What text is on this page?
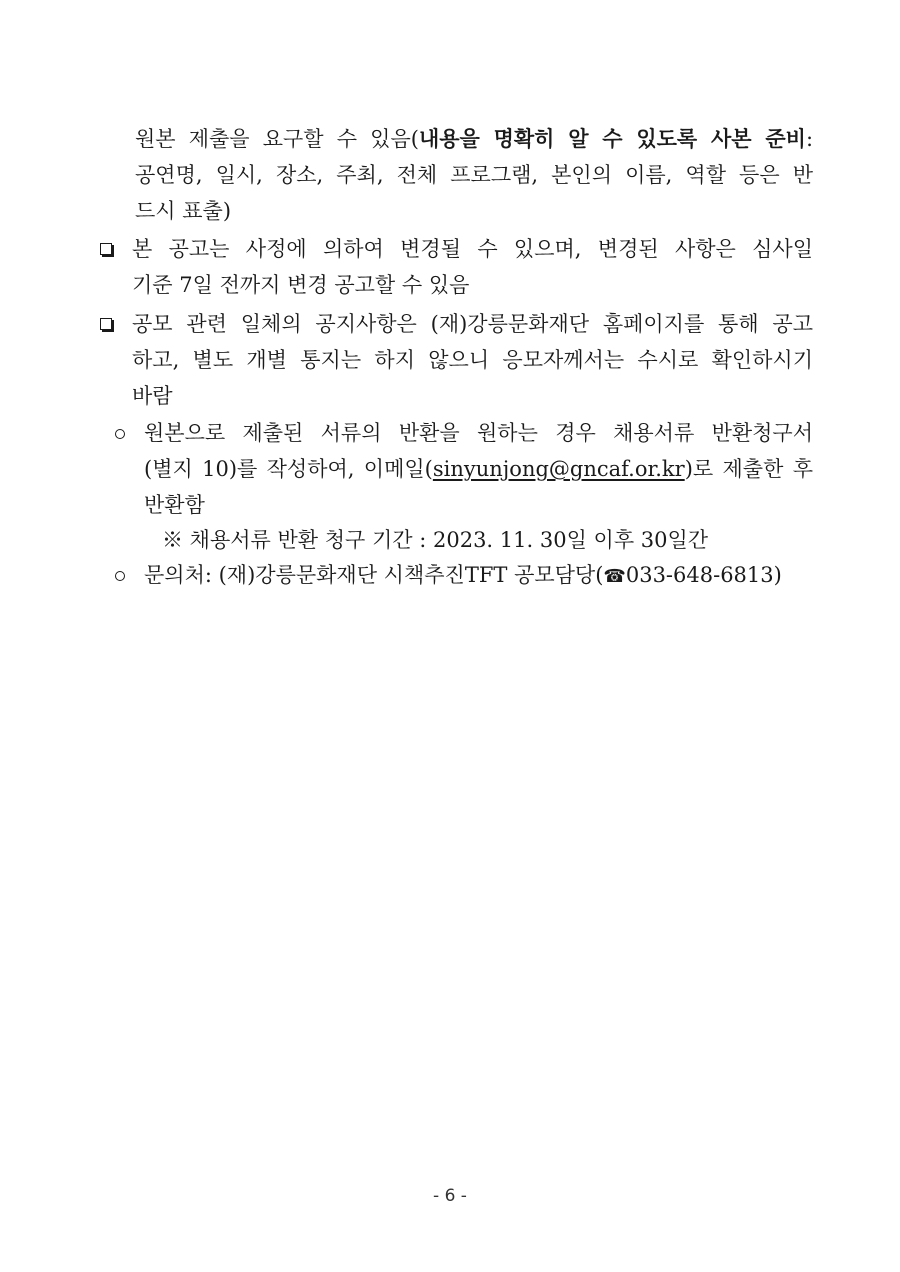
원본 제출을 요구할 수 있음(내용을 명확히 알 수 있도록 사본 준비:
공연명, 일시, 장소, 주최, 전체 프로그램, 본인의 이름, 역할 등은 반
드시 표출)
본 공고는 사정에 의하여 변경될 수 있으며, 변경된 사항은 심사일
기준 7일 전까지 변경 공고할 수 있음
공모 관련 일체의 공지사항은 (재)강릉문화재단 홈페이지를 통해 공고
하고, 별도 개별 통지는 하지 않으니 응모자께서는 수시로 확인하시기
바람
원본으로 제출된 서류의 반환을 원하는 경우 채용서류 반환청구서
(별지 10)를 작성하여, 이메일(sinyunjong@gncaf.or.kr)로 제출한 후
반환함
※ 채용서류 반환 청구 기간 : 2023. 11. 30일 이후 30일간
문의처: (재)강릉문화재단 시책추진TFT 공모담당(☎033-648-6813)
- 6 -
